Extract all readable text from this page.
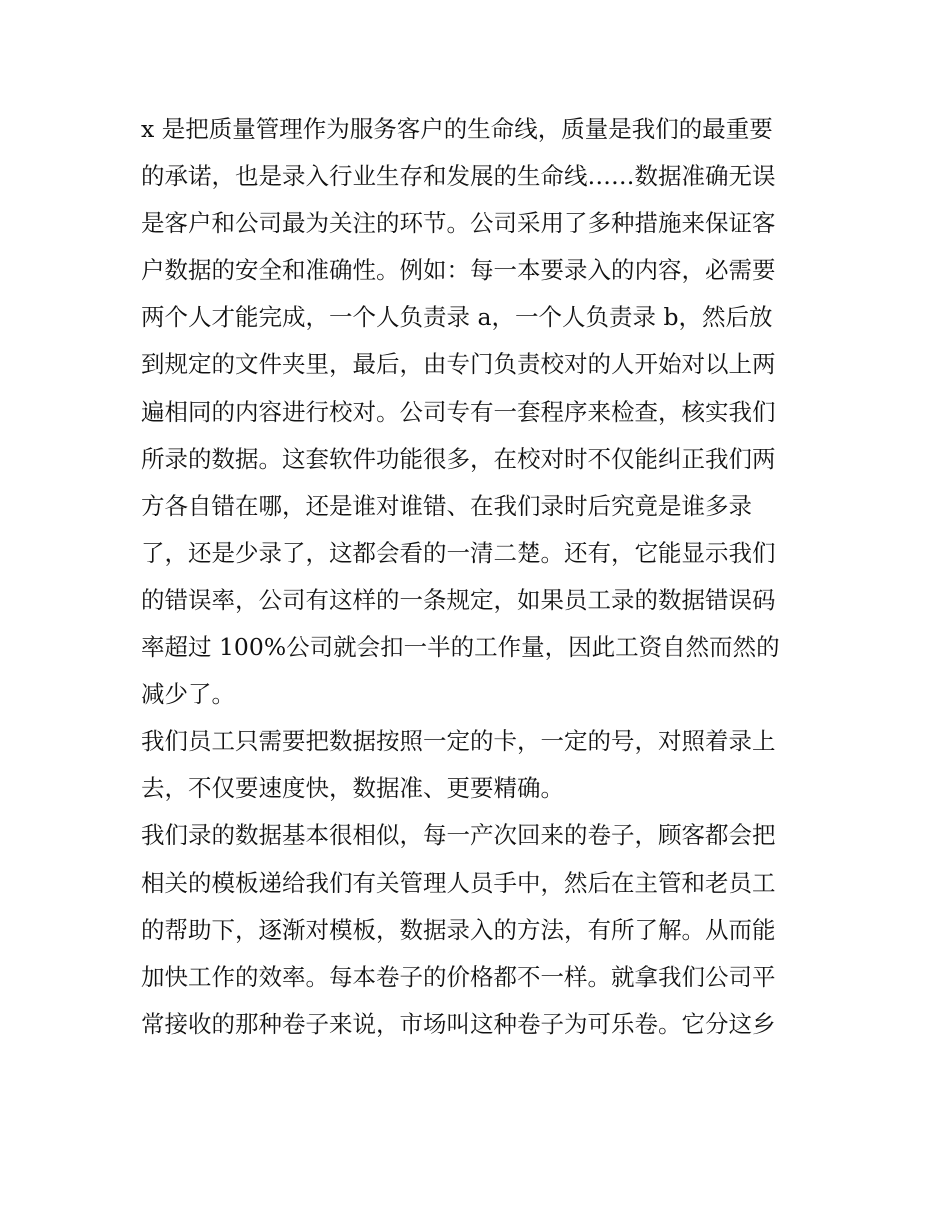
x 是把质量管理作为服务客户的生命线，质量是我们的最重要
的承诺，也是录入行业生存和发展的生命线……数据准确无误
是客户和公司最为关注的环节。公司采用了多种措施来保证客
户数据的安全和准确性。例如：每一本要录入的内容，必需要
两个人才能完成，一个人负责录 a，一个人负责录 b，然后放
到规定的文件夹里，最后，由专门负责校对的人开始对以上两
遍相同的内容进行校对。公司专有一套程序来检查，核实我们
所录的数据。这套软件功能很多，在校对时不仅能纠正我们两
方各自错在哪，还是谁对谁错、在我们录时后究竟是谁多录
了，还是少录了，这都会看的一清二楚。还有，它能显示我们
的错误率，公司有这样的一条规定，如果员工录的数据错误码
率超过 100%公司就会扣一半的工作量，因此工资自然而然的
减少了。
我们员工只需要把数据按照一定的卡，一定的号，对照着录上
去，不仅要速度快，数据准、更要精确。
我们录的数据基本很相似，每一产次回来的卷子，顾客都会把
相关的模板递给我们有关管理人员手中，然后在主管和老员工
的帮助下，逐渐对模板，数据录入的方法，有所了解。从而能
加快工作的效率。每本卷子的价格都不一样。就拿我们公司平
常接收的那种卷子来说，市场叫这种卷子为可乐卷。它分这乡
